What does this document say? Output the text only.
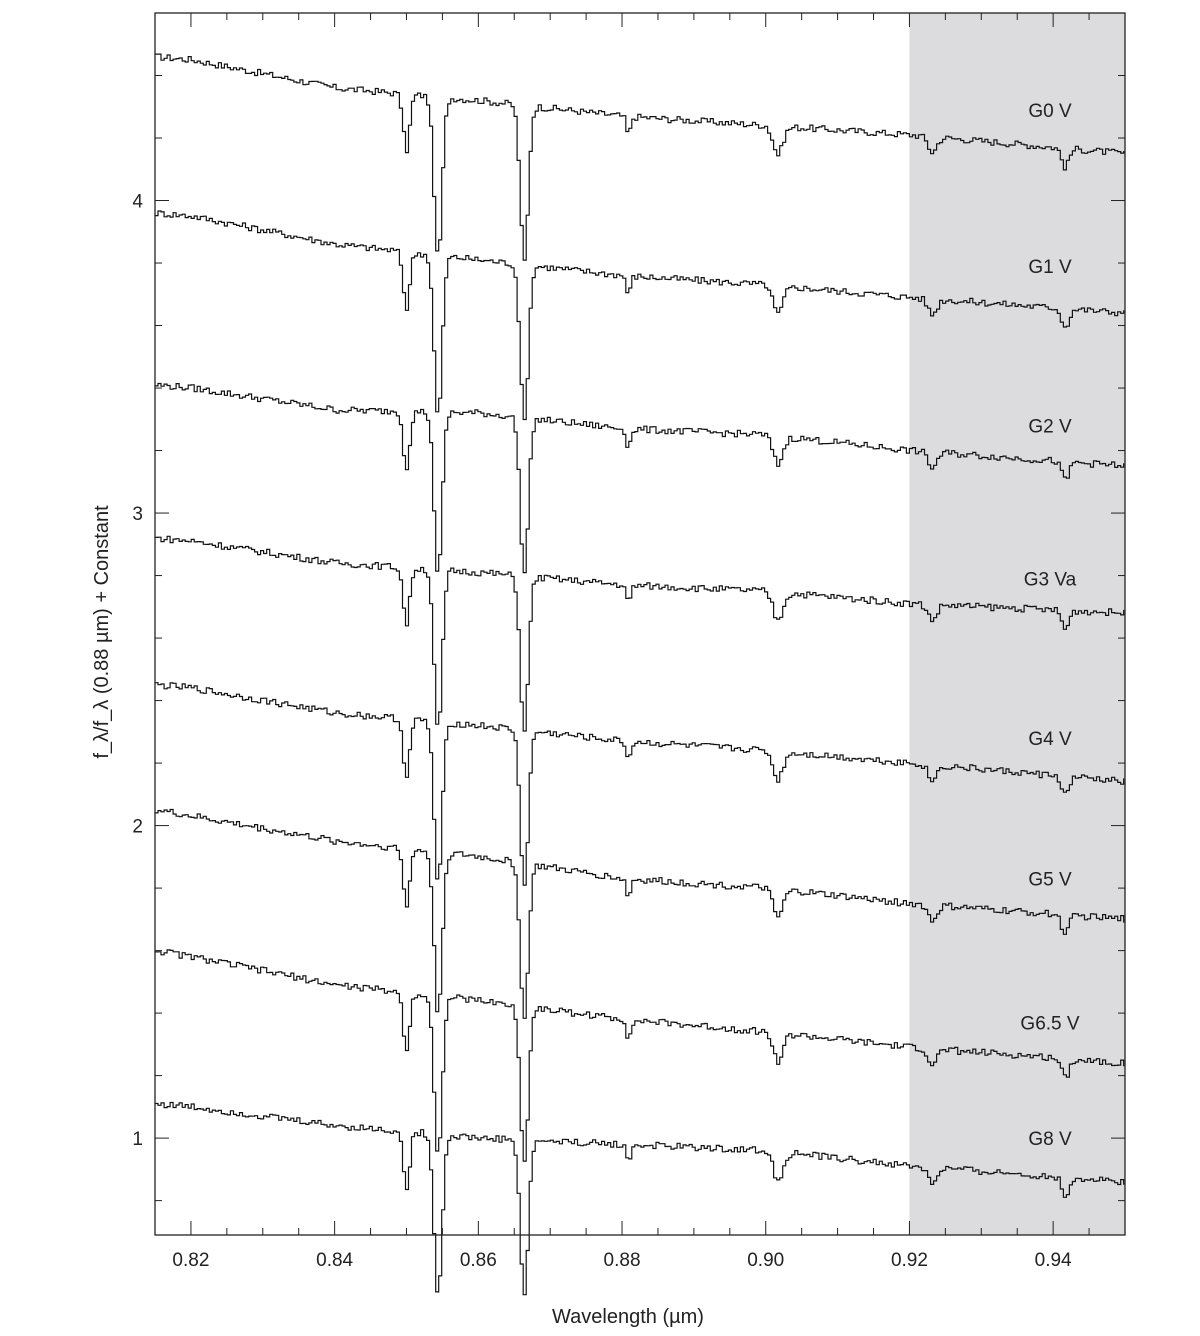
0.82	0.84	0.86	0.88	0.90	0.92	0.94
1
2
3
4
G0 V
G1 V
G2 V
G3 Va
G4 V
G5 V
G6.5 V
G8 V
Wavelength (µm)
f_λ/f_λ (0.88 µm) + Constant
